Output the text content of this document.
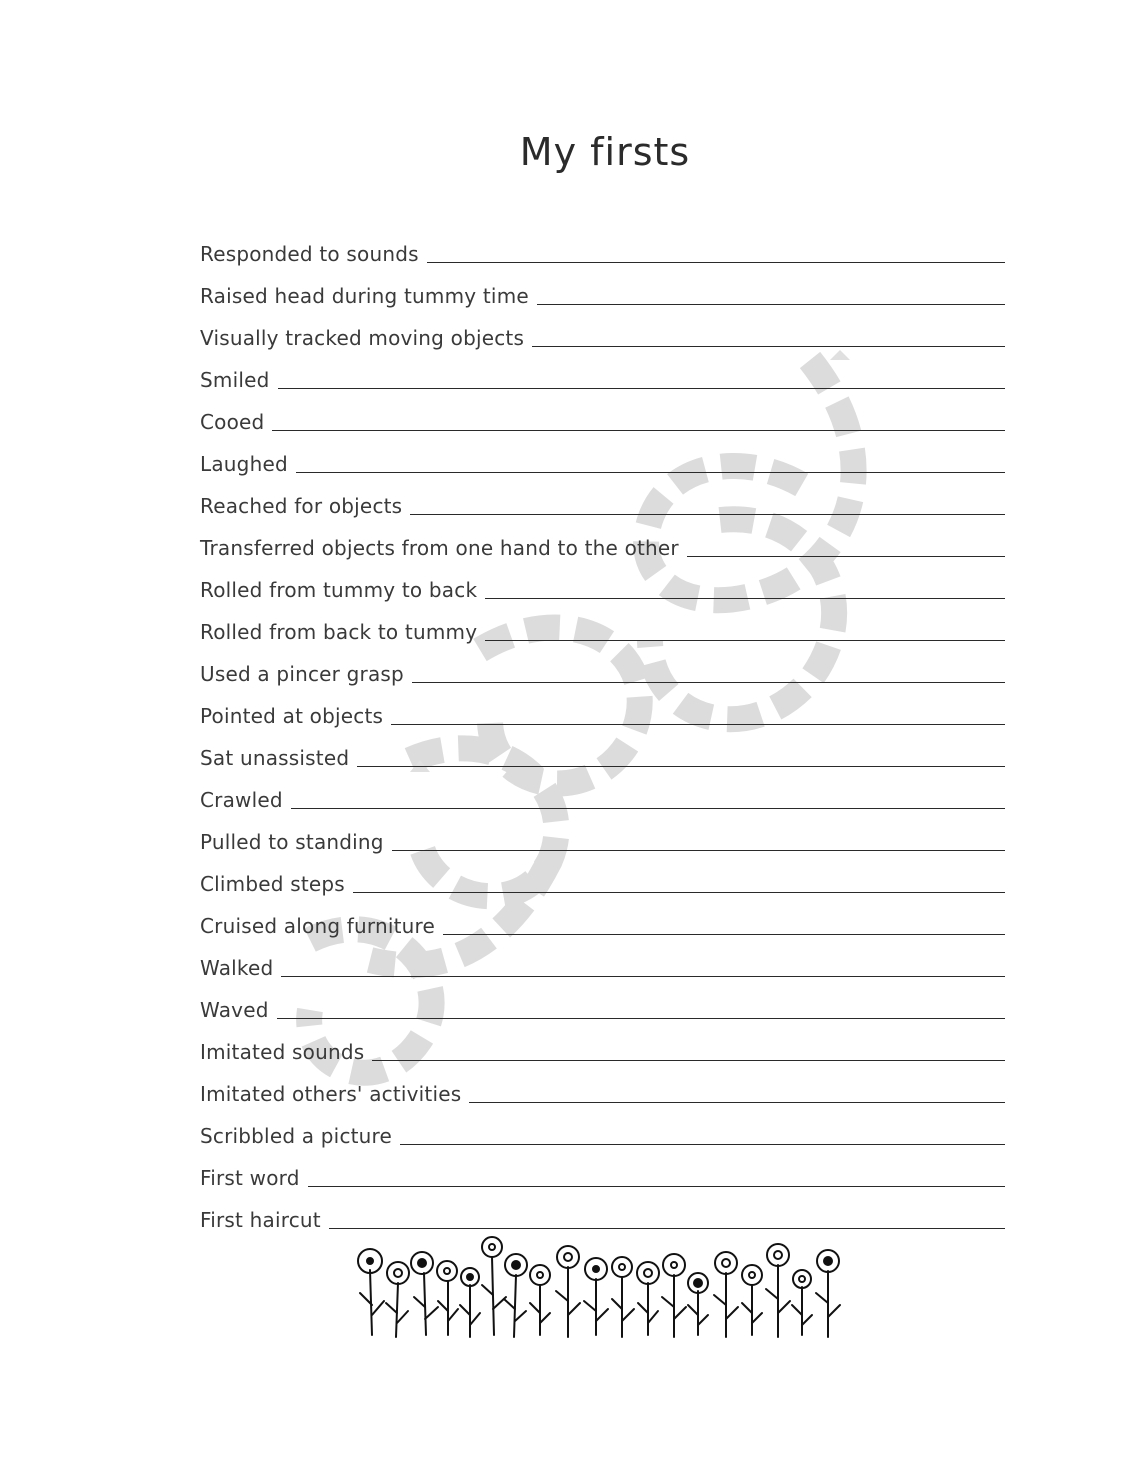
My firsts
Responded to sounds
Raised head during tummy time
Visually tracked moving objects
Smiled
Cooed
Laughed
Reached for objects
Transferred objects from one hand to the other
Rolled from tummy to back
Rolled from back to tummy
Used a pincer grasp
Pointed at objects
Sat unassisted
Crawled
Pulled to standing
Climbed steps
Cruised along furniture
Walked
Waved
Imitated sounds
Imitated others' activities
Scribbled a picture
First word
First haircut
